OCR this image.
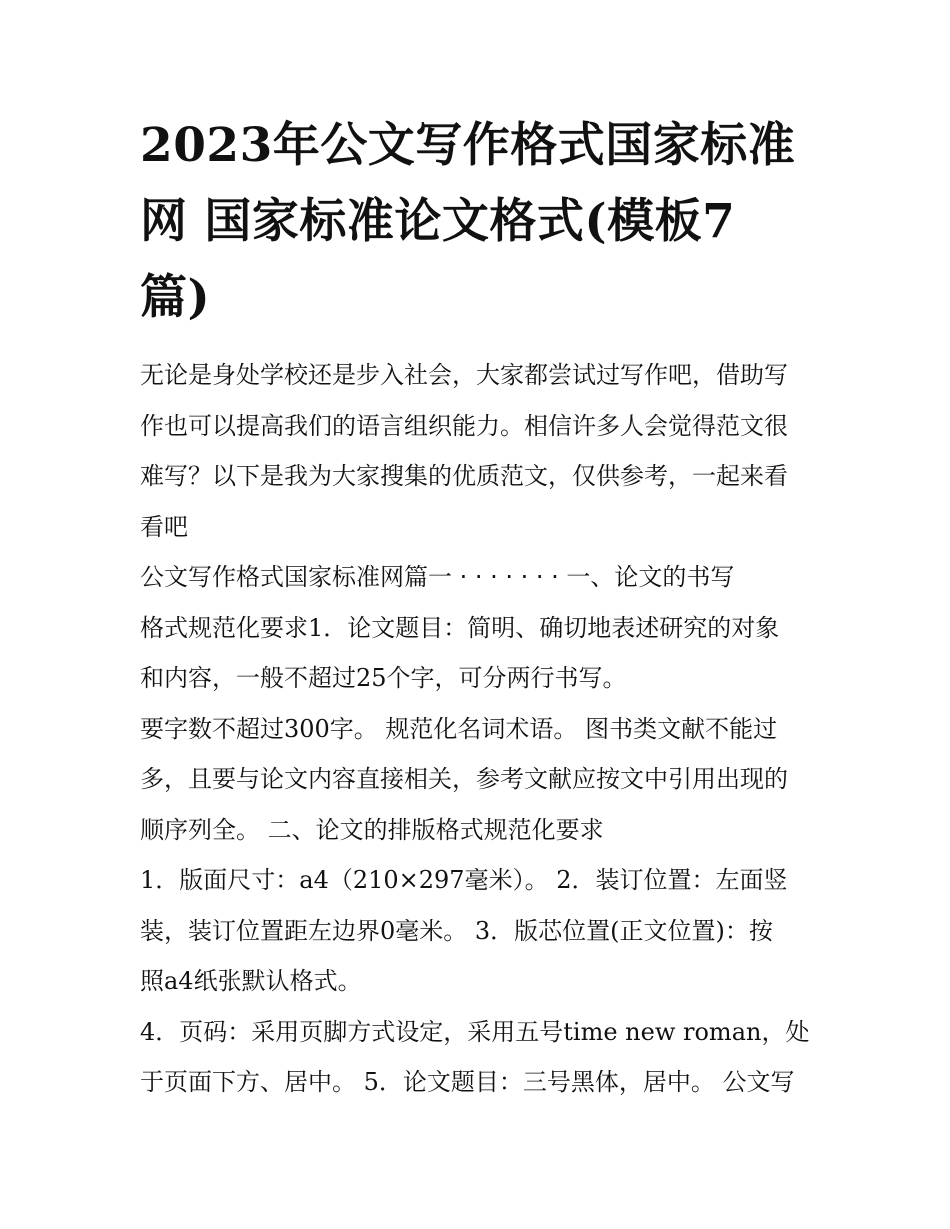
2023年公文写作格式国家标准
网 国家标准论文格式(模板7
篇)

无论是身处学校还是步入社会，大家都尝试过写作吧，借助写
作也可以提高我们的语言组织能力。相信许多人会觉得范文很
难写？以下是我为大家搜集的优质范文，仅供参考，一起来看
看吧

公文写作格式国家标准网篇一 · · · · · · · 一、论文的书写
格式规范化要求1．论文题目：简明、确切地表述研究的对象
和内容，一般不超过25个字，可分两行书写。

要字数不超过300字。 规范化名词术语。 图书类文献不能过
多，且要与论文内容直接相关，参考文献应按文中引用出现的
顺序列全。 二、论文的排版格式规范化要求

1．版面尺寸：a4（210×297毫米）。 2．装订位置：左面竖
装，装订位置距左边界0毫米。 3．版芯位置(正文位置)：按
照a4纸张默认格式。

4．页码：采用页脚方式设定，采用五号time new roman，处
于页面下方、居中。 5．论文题目：三号黑体，居中。 公文写
